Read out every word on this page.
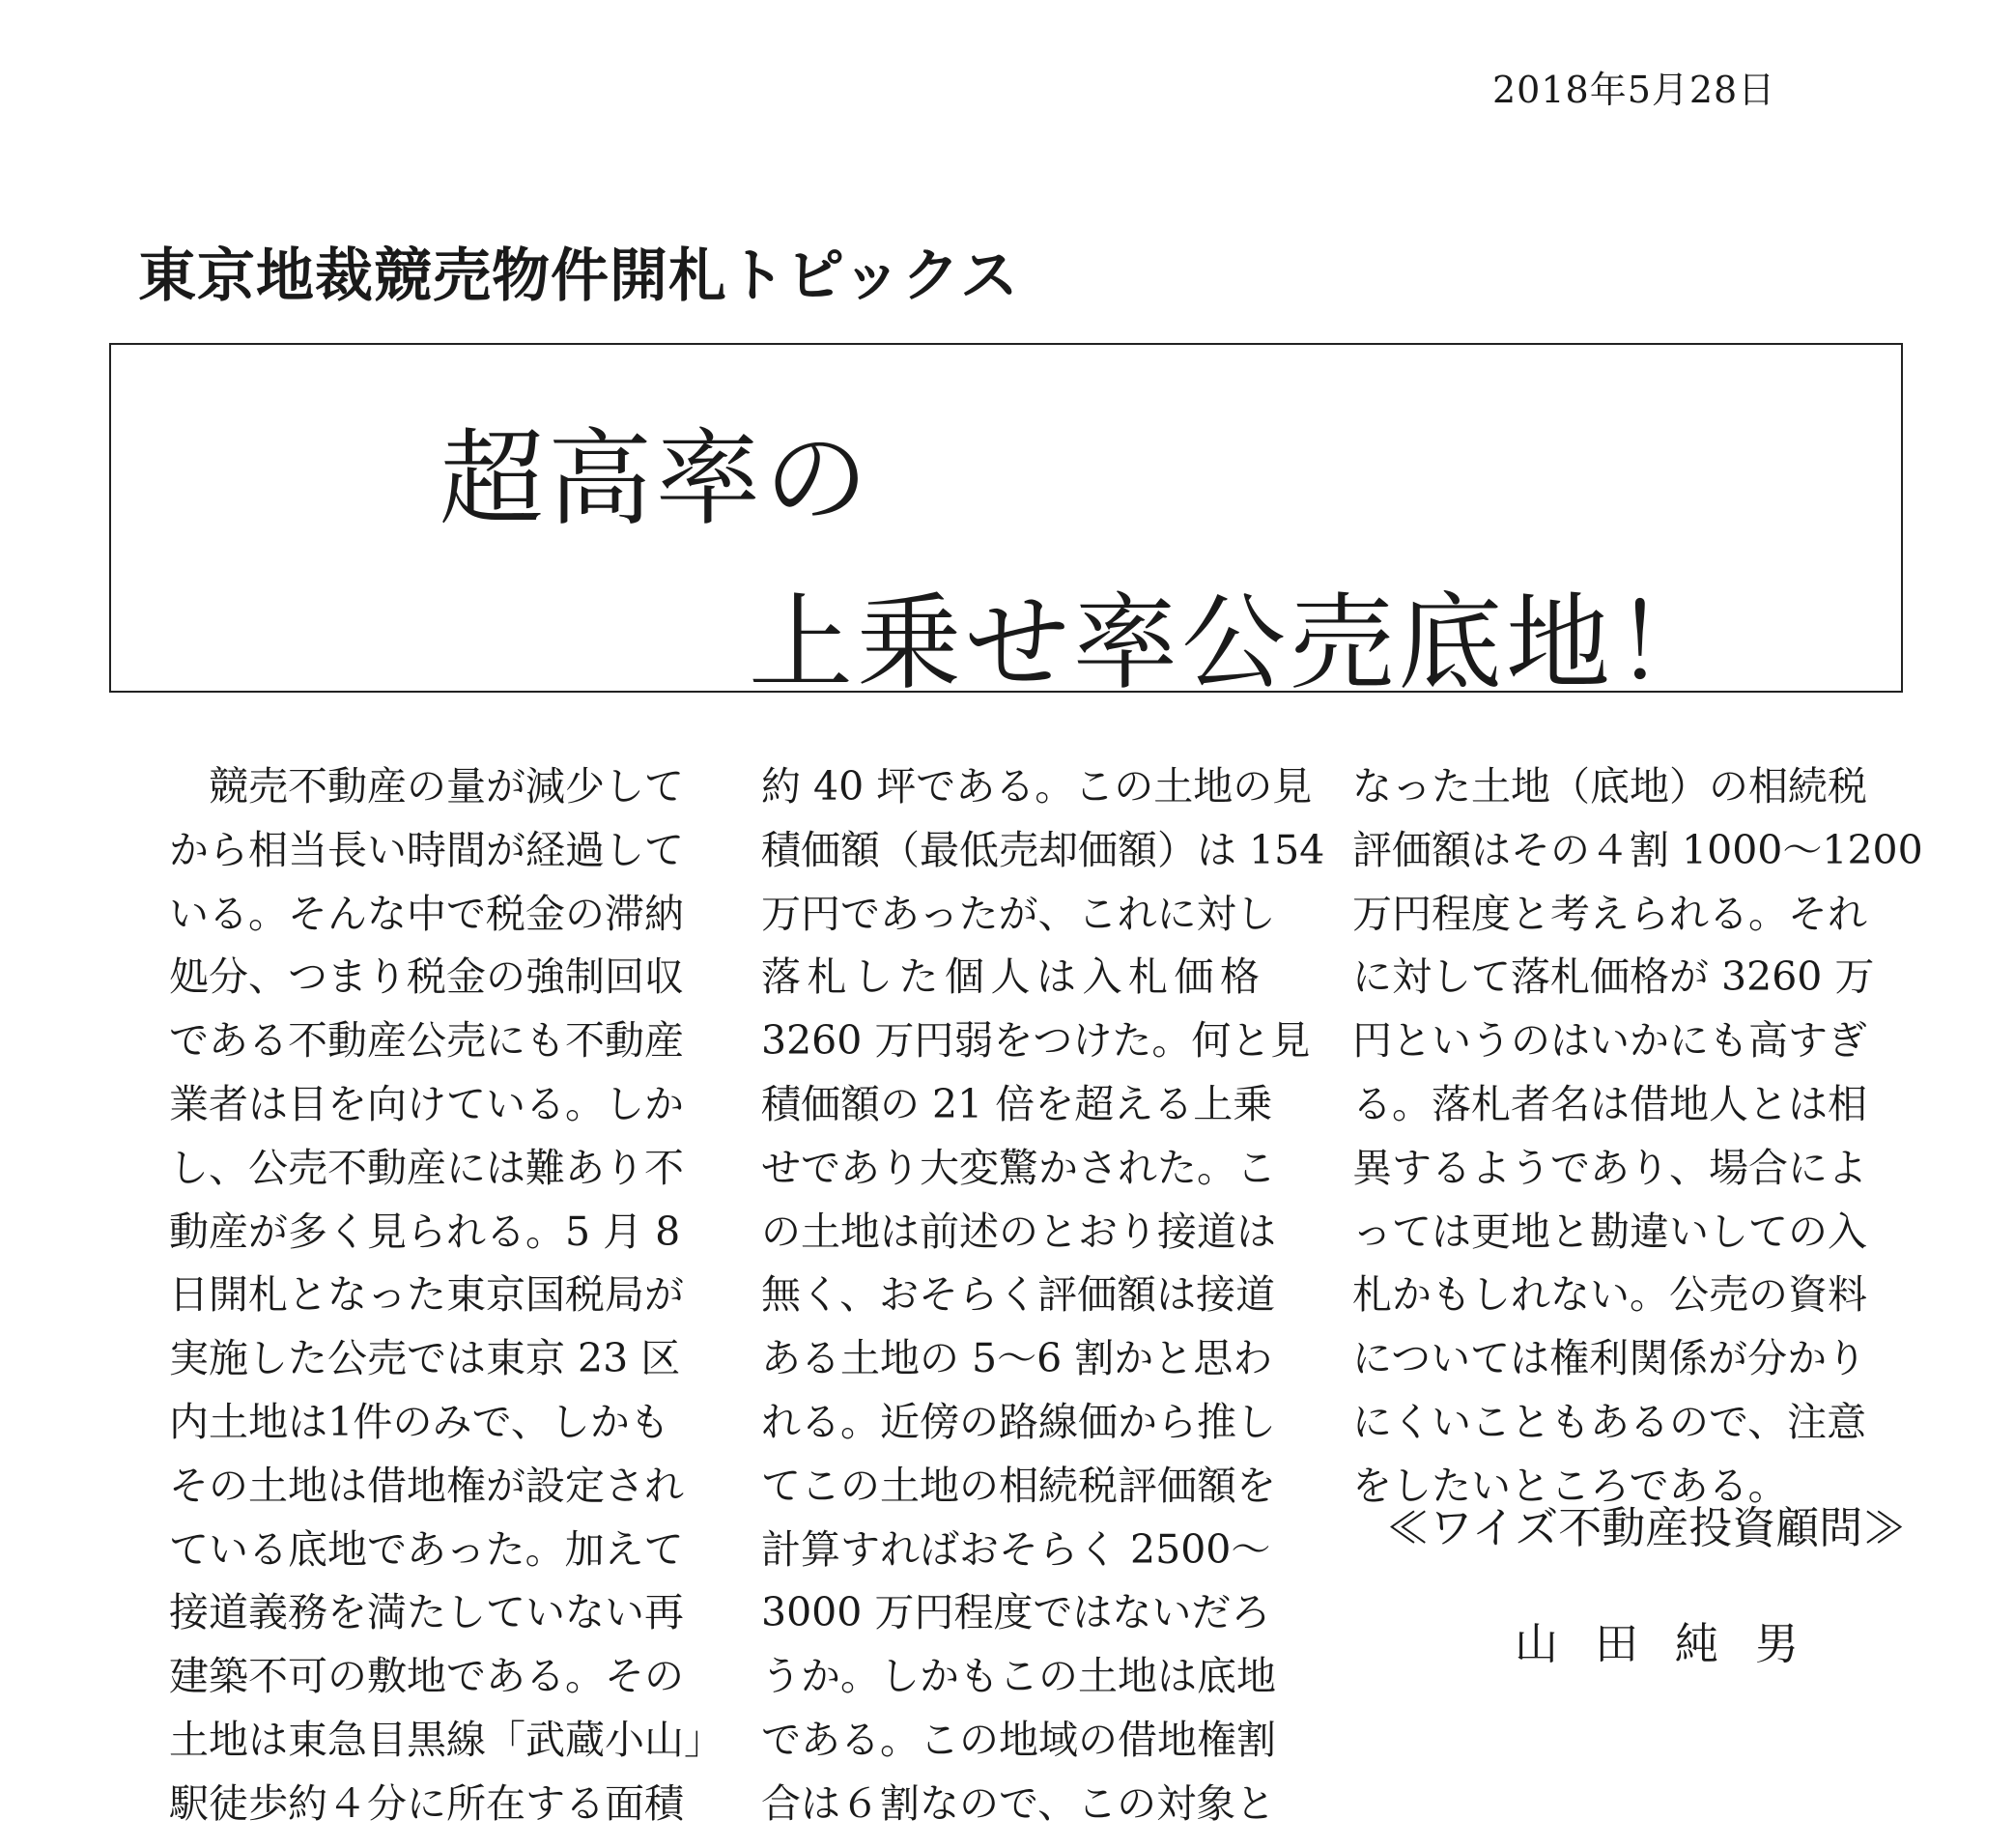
2018年5月28日
東京地裁競売物件開札トピックス
超高率の
上乗せ率公売底地！
　競売不動産の量が減少して
から相当長い時間が経過して
いる。そんな中で税金の滞納
処分、つまり税金の強制回収
である不動産公売にも不動産
業者は目を向けている。しか
し、公売不動産には難あり不
動産が多く見られる。5 月 8
日開札となった東京国税局が
実施した公売では東京 23 区
内土地は1件のみで、しかも
その土地は借地権が設定され
ている底地であった。加えて
接道義務を満たしていない再
建築不可の敷地である。その
土地は東急目黒線「武蔵小山」
駅徒歩約４分に所在する面積
約 40 坪である。この土地の見
積価額（最低売却価額）は 154
万円であったが、これに対し
落札した個人は入札価格
3260 万円弱をつけた。何と見
積価額の 21 倍を超える上乗
せであり大変驚かされた。こ
の土地は前述のとおり接道は
無く、おそらく評価額は接道
ある土地の 5～6 割かと思わ
れる。近傍の路線価から推し
てこの土地の相続税評価額を
計算すればおそらく 2500～
3000 万円程度ではないだろ
うか。しかもこの土地は底地
である。この地域の借地権割
合は６割なので、この対象と
なった土地（底地）の相続税
評価額はその４割 1000～1200
万円程度と考えられる。それ
に対して落札価格が 3260 万
円というのはいかにも高すぎ
る。落札者名は借地人とは相
異するようであり、場合によ
っては更地と勘違いしての入
札かもしれない。公売の資料
については権利関係が分かり
にくいこともあるので、注意
をしたいところである。
≪ワイズ不動産投資顧問≫
山田純男
